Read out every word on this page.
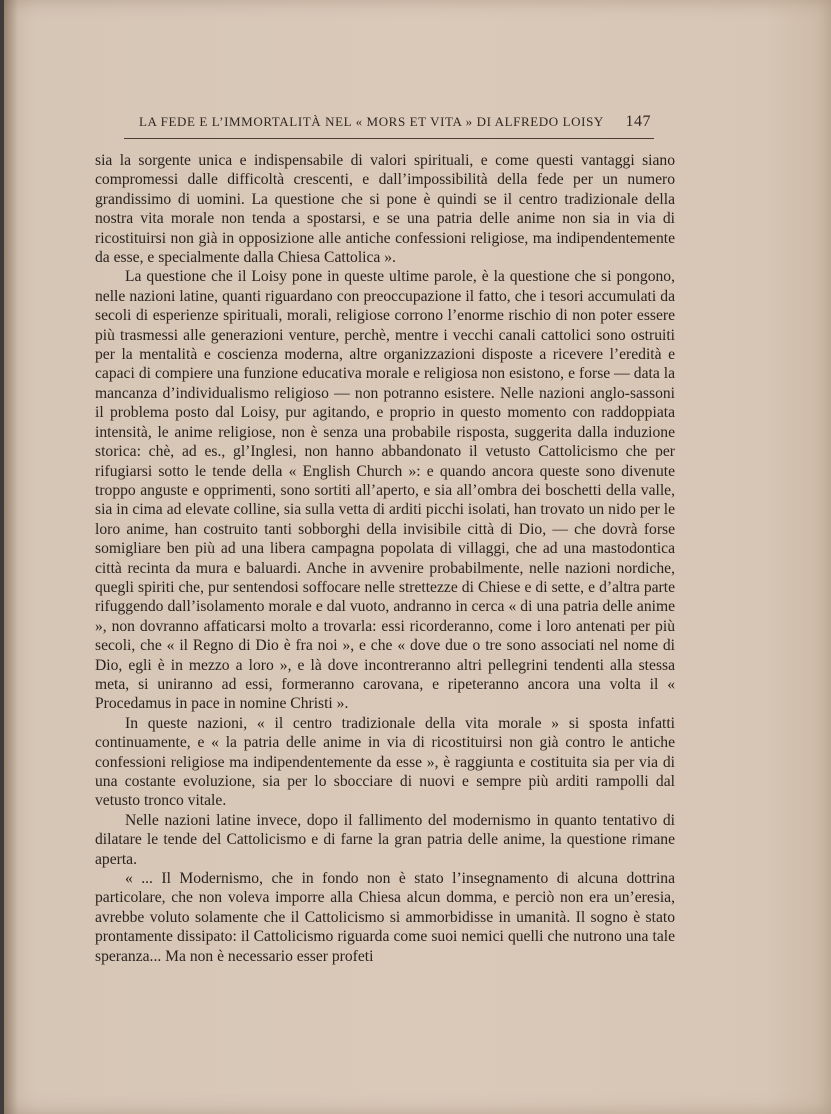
LA FEDE E L’IMMORTALITÀ NEL « MORS ET VITA » DI ALFREDO LOISY 147

sia la sorgente unica e indispensabile di valori spirituali, e come questi vantaggi siano compromessi dalle difficoltà crescenti, e dall’impossibilità della fede per un numero grandissimo di uomini. La questione che si pone è quindi se il centro tradizionale della nostra vita morale non tenda a spostarsi, e se una patria delle anime non sia in via di ricostituirsi non già in opposizione alle antiche confessioni religiose, ma indipendentemente da esse, e specialmente dalla Chiesa Cattolica ».

La questione che il Loisy pone in queste ultime parole, è la questione che si pongono, nelle nazioni latine, quanti riguardano con preoccupazione il fatto, che i tesori accumulati da secoli di esperienze spirituali, morali, religiose corrono l’enorme rischio di non poter essere più trasmessi alle generazioni venture, perchè, mentre i vecchi canali cattolici sono ostruiti per la mentalità e coscienza moderna, altre organizzazioni disposte a ricevere l’eredità e capaci di compiere una funzione educativa morale e religiosa non esistono, e forse — data la mancanza d’individualismo religioso — non potranno esistere. Nelle nazioni anglo-sassoni il problema posto dal Loisy, pur agitando, e proprio in questo momento con raddoppiata intensità, le anime religiose, non è senza una probabile risposta, suggerita dalla induzione storica: chè, ad es., gl’Inglesi, non hanno abbandonato il vetusto Cattolicismo che per rifugiarsi sotto le tende della « English Church »: e quando ancora queste sono divenute troppo anguste e opprimenti, sono sortiti all’aperto, e sia all’ombra dei boschetti della valle, sia in cima ad elevate colline, sia sulla vetta di arditi picchi isolati, han trovato un nido per le loro anime, han costruito tanti sobborghi della invisibile città di Dio, — che dovrà forse somigliare ben più ad una libera campagna popolata di villaggi, che ad una mastodontica città recinta da mura e baluardi. Anche in avvenire probabilmente, nelle nazioni nordiche, quegli spiriti che, pur sentendosi soffocare nelle strettezze di Chiese e di sette, e d’altra parte rifuggendo dall’isolamento morale e dal vuoto, andranno in cerca « di una patria delle anime », non dovranno affaticarsi molto a trovarla: essi ricorderanno, come i loro antenati per più secoli, che « il Regno di Dio è fra noi », e che « dove due o tre sono associati nel nome di Dio, egli è in mezzo a loro », e là dove incontreranno altri pellegrini tendenti alla stessa meta, si uniranno ad essi, formeranno carovana, e ripeteranno ancora una volta il « Procedamus in pace in nomine Christi ».

In queste nazioni, « il centro tradizionale della vita morale » si sposta infatti continuamente, e « la patria delle anime in via di ricostituirsi non già contro le antiche confessioni religiose ma indipendentemente da esse », è raggiunta e costituita sia per via di una costante evoluzione, sia per lo sbocciare di nuovi e sempre più arditi rampolli dal vetusto tronco vitale.

Nelle nazioni latine invece, dopo il fallimento del modernismo in quanto tentativo di dilatare le tende del Cattolicismo e di farne la gran patria delle anime, la questione rimane aperta.

« ... Il Modernismo, che in fondo non è stato l’insegnamento di alcuna dottrina particolare, che non voleva imporre alla Chiesa alcun domma, e perciò non era un’eresia, avrebbe voluto solamente che il Cattolicismo si ammorbidisse in umanità. Il sogno è stato prontamente dissipato: il Cattolicismo riguarda come suoi nemici quelli che nutrono una tale speranza... Ma non è necessario esser profeti
